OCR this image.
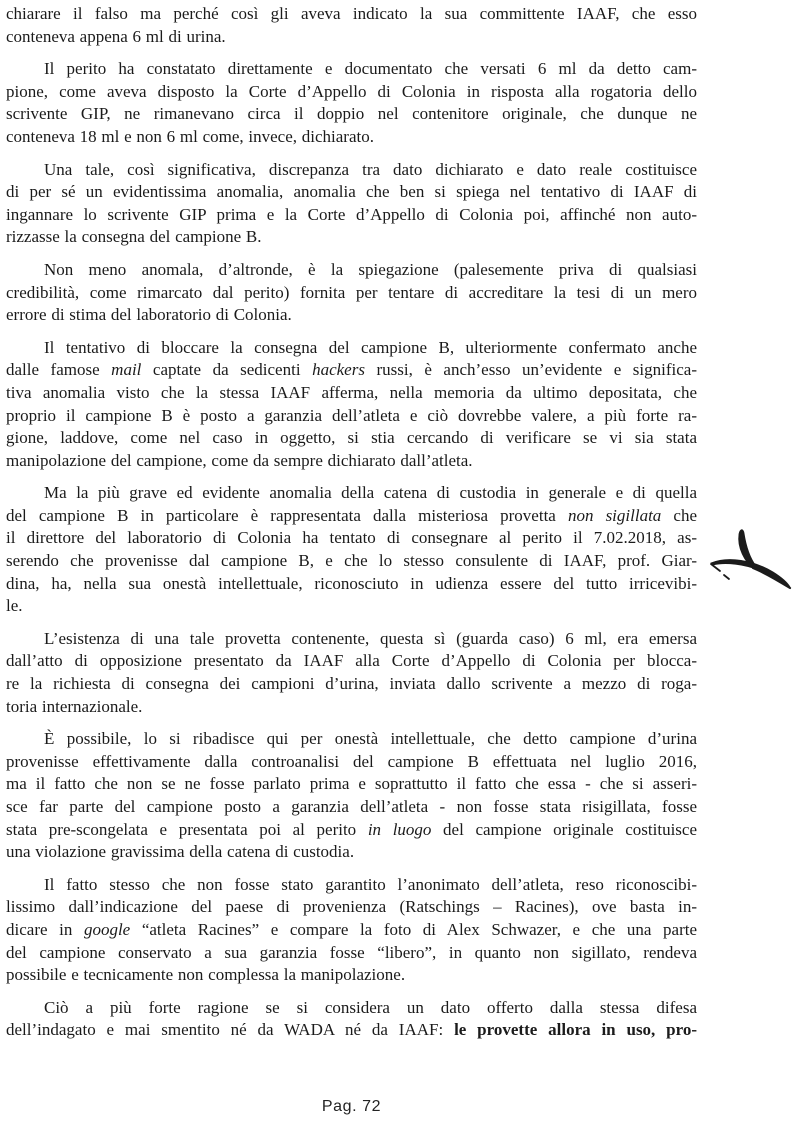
chiarare il falso ma perché così gli aveva indicato la sua committente IAAF, che esso
conteneva appena 6 ml di urina.

Il perito ha constatato direttamente e documentato che versati 6 ml da detto cam-
pione, come aveva disposto la Corte d’Appello di Colonia in risposta alla rogatoria dello
scrivente GIP, ne rimanevano circa il doppio nel contenitore originale, che dunque ne
conteneva 18 ml e non 6 ml come, invece, dichiarato.

Una tale, così significativa, discrepanza tra dato dichiarato e dato reale costituisce
di per sé un evidentissima anomalia, anomalia che ben si spiega nel tentativo di IAAF di
ingannare lo scrivente GIP prima e la Corte d’Appello di Colonia poi, affinché non auto-
rizzasse la consegna del campione B.

Non meno anomala, d’altronde, è la spiegazione (palesemente priva di qualsiasi
credibilità, come rimarcato dal perito) fornita per tentare di accreditare la tesi di un mero
errore di stima del laboratorio di Colonia.

Il tentativo di bloccare la consegna del campione B, ulteriormente confermato anche
dalle famose mail captate da sedicenti hackers russi, è anch’esso un’evidente e significa-
tiva anomalia visto che la stessa IAAF afferma, nella memoria da ultimo depositata, che
proprio il campione B è posto a garanzia dell’atleta e ciò dovrebbe valere, a più forte ra-
gione, laddove, come nel caso in oggetto, si stia cercando di verificare se vi sia stata
manipolazione del campione, come da sempre dichiarato dall’atleta.

Ma la più grave ed evidente anomalia della catena di custodia in generale e di quella
del campione B in particolare è rappresentata dalla misteriosa provetta non sigillata che
il direttore del laboratorio di Colonia ha tentato di consegnare al perito il 7.02.2018, as-
serendo che provenisse dal campione B, e che lo stesso consulente di IAAF, prof. Giar-
dina, ha, nella sua onestà intellettuale, riconosciuto in udienza essere del tutto irricevibi-
le.

L’esistenza di una tale provetta contenente, questa sì (guarda caso) 6 ml, era emersa
dall’atto di opposizione presentato da IAAF alla Corte d’Appello di Colonia per blocca-
re la richiesta di consegna dei campioni d’urina, inviata dallo scrivente a mezzo di roga-
toria internazionale.

È possibile, lo si ribadisce qui per onestà intellettuale, che detto campione d’urina
provenisse effettivamente dalla controanalisi del campione B effettuata nel luglio 2016,
ma il fatto che non se ne fosse parlato prima e soprattutto il fatto che essa - che si asseri-
sce far parte del campione posto a garanzia dell’atleta - non fosse stata risigillata, fosse
stata pre-scongelata e presentata poi al perito in luogo del campione originale costituisce
una violazione gravissima della catena di custodia.

Il fatto stesso che non fosse stato garantito l’anonimato dell’atleta, reso riconoscibi-
lissimo dall’indicazione del paese di provenienza (Ratschings – Racines), ove basta in-
dicare in google “atleta Racines” e compare la foto di Alex Schwazer, e che una parte
del campione conservato a sua garanzia fosse “libero”, in quanto non sigillato, rendeva
possibile e tecnicamente non complessa la manipolazione.

Ciò a più forte ragione se si considera un dato offerto dalla stessa difesa
dell’indagato e mai smentito né da WADA né da IAAF: le provette allora in uso, pro-

Pag. 72
